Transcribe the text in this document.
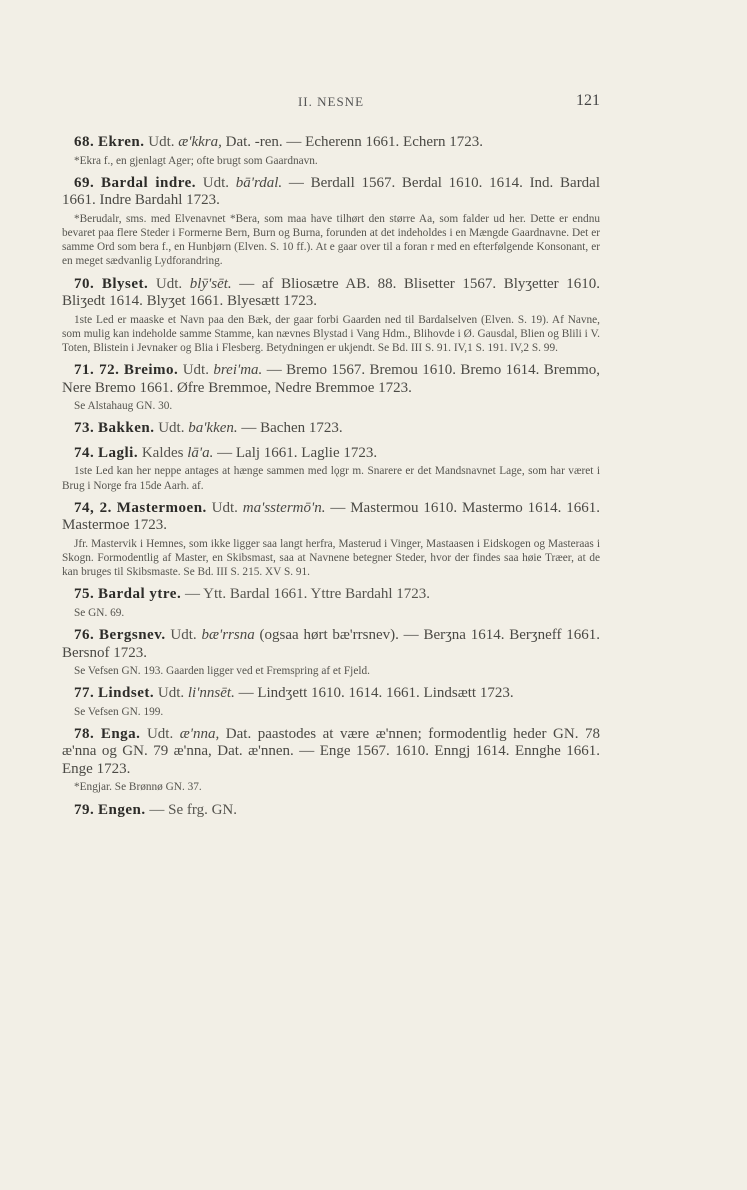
II. NESNE	121

68. Ekren. Udt. æ'kkra, Dat. -ren. — Echerenn 1661. Echern 1723.

*Ekra f., en gjenlagt Ager; ofte brugt som Gaardnavn.

69. Bardal indre. Udt. bā'rdal. — Berdall 1567. Berdal 1610. 1614. Ind. Bardal 1661. Indre Bardahl 1723.

*Berudalr, sms. med Elvenavnet *Bera, som maa have tilhørt den større Aa, som falder ud her. Dette er endnu bevaret paa flere Steder i Formerne Bern, Burn og Burna, forunden at det indeholdes i en Mængde Gaardnavne. Det er samme Ord som bera f., en Hunbjørn (Elven. S. 10 ff.). At e gaar over til a foran r med en efterfølgende Konsonant, er en meget sædvanlig Lydforandring.

70. Blyset. Udt. blȳ'sēt. — af Bliosætre AB. 88. Blisetter 1567. Blyʒetter 1610. Bliʒedt 1614. Blyʒet 1661. Blyesætt 1723.

1ste Led er maaske et Navn paa den Bæk, der gaar forbi Gaarden ned til Bardalselven (Elven. S. 19). Af Navne, som mulig kan indeholde samme Stamme, kan nævnes Blystad i Vang Hdm., Blihovde i Ø. Gausdal, Blien og Blili i V. Toten, Blistein i Jevnaker og Blia i Flesberg. Betydningen er ukjendt. Se Bd. III S. 91. IV,1 S. 191. IV,2 S. 99.

71. 72. Breimo. Udt. brei'ma. — Bremo 1567. Bremou 1610. Bremo 1614. Bremmo, Nere Bremo 1661. Øfre Bremmoe, Nedre Bremmoe 1723.

Se Alstahaug GN. 30.

73. Bakken. Udt. ba'kken. — Bachen 1723.

74. Lagli. Kaldes lā'a. — Lalj 1661. Laglie 1723.

1ste Led kan her neppe antages at hænge sammen med lǫgr m. Snarere er det Mandsnavnet Lage, som har været i Brug i Norge fra 15de Aarh. af.

74, 2. Mastermoen. Udt. ma'sstermō'n. — Mastermou 1610. Mastermo 1614. 1661. Mastermoe 1723.

Jfr. Mastervik i Hemnes, som ikke ligger saa langt herfra, Masterud i Vinger, Mastaasen i Eidskogen og Masteraas i Skogn. Formodentlig af Master, en Skibsmast, saa at Navnene betegner Steder, hvor der findes saa høie Træer, at de kan bruges til Skibsmaste. Se Bd. III S. 215. XV S. 91.

75. Bardal ytre. — Ytt. Bardal 1661. Yttre Bardahl 1723.

Se GN. 69.

76. Bergsnev. Udt. bæ'rrsna (ogsaa hørt bæ'rrsnev). — Berʒna 1614. Berʒneff 1661. Bersnof 1723.

Se Vefsen GN. 193. Gaarden ligger ved et Fremspring af et Fjeld.

77. Lindset. Udt. li'nnsēt. — Lindʒett 1610. 1614. 1661. Lindsætt 1723.

Se Vefsen GN. 199.

78. Enga. Udt. æ'nna, Dat. paastodes at være æ'nnen; formodentlig heder GN. 78 æ'nna og GN. 79 æ'nna, Dat. æ'nnen. — Enge 1567. 1610. Enngj 1614. Ennghe 1661. Enge 1723.

*Engjar. Se Brønnø GN. 37.

79. Engen. — Se frg. GN.
